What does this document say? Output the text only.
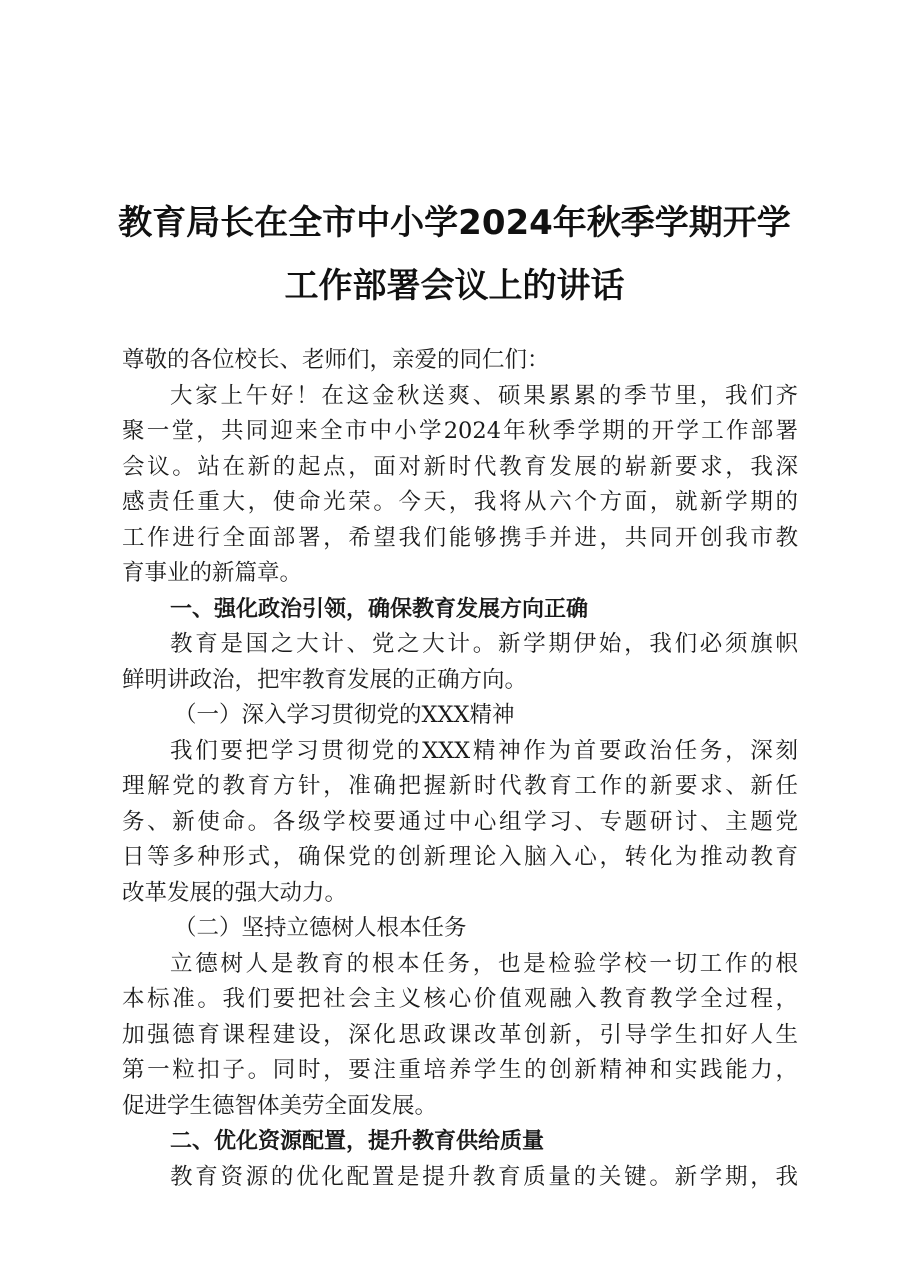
教育局长在全市中小学2024年秋季学期开学
工作部署会议上的讲话
尊敬的各位校长、老师们，亲爱的同仁们：
大家上午好！在这金秋送爽、硕果累累的季节里，我们齐
聚一堂，共同迎来全市中小学2024年秋季学期的开学工作部署
会议。站在新的起点，面对新时代教育发展的崭新要求，我深
感责任重大，使命光荣。今天，我将从六个方面，就新学期的
工作进行全面部署，希望我们能够携手并进，共同开创我市教
育事业的新篇章。
一、强化政治引领，确保教育发展方向正确
教育是国之大计、党之大计。新学期伊始，我们必须旗帜
鲜明讲政治，把牢教育发展的正确方向。
（一）深入学习贯彻党的XXX精神
我们要把学习贯彻党的XXX精神作为首要政治任务，深刻
理解党的教育方针，准确把握新时代教育工作的新要求、新任
务、新使命。各级学校要通过中心组学习、专题研讨、主题党
日等多种形式，确保党的创新理论入脑入心，转化为推动教育
改革发展的强大动力。
（二）坚持立德树人根本任务
立德树人是教育的根本任务，也是检验学校一切工作的根
本标准。我们要把社会主义核心价值观融入教育教学全过程，
加强德育课程建设，深化思政课改革创新，引导学生扣好人生
第一粒扣子。同时，要注重培养学生的创新精神和实践能力，
促进学生德智体美劳全面发展。
二、优化资源配置，提升教育供给质量
教育资源的优化配置是提升教育质量的关键。新学期，我
